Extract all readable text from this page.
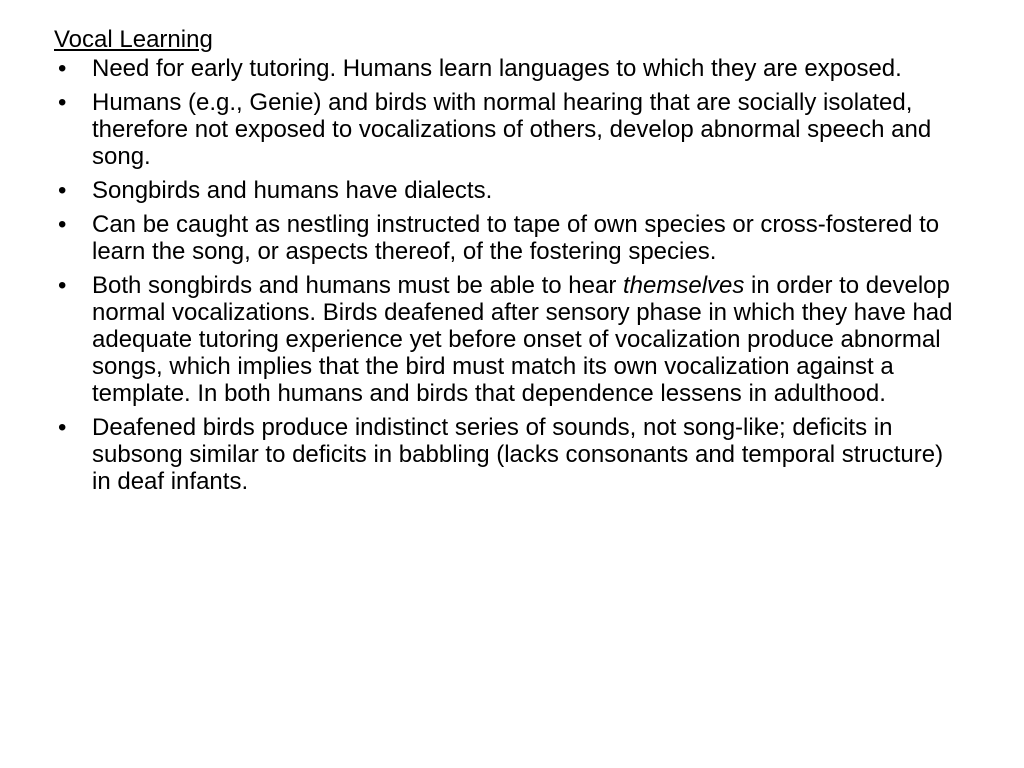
Vocal Learning
• Need for early tutoring. Humans learn languages to which they are exposed.
• Humans (e.g., Genie) and birds with normal hearing that are socially isolated, therefore not exposed to vocalizations of others, develop abnormal speech and song.
• Songbirds and humans have dialects.
• Can be caught as nestling instructed to tape of own species or cross-fostered to learn the song, or aspects thereof, of the fostering species.
• Both songbirds and humans must be able to hear themselves in order to develop normal vocalizations. Birds deafened after sensory phase in which they have had adequate tutoring experience yet before onset of vocalization produce abnormal songs, which implies that the bird must match its own vocalization against a template. In both humans and birds that dependence lessens in adulthood.
• Deafened birds produce indistinct series of sounds, not song-like; deficits in subsong similar to deficits in babbling (lacks consonants and temporal structure) in deaf infants.
